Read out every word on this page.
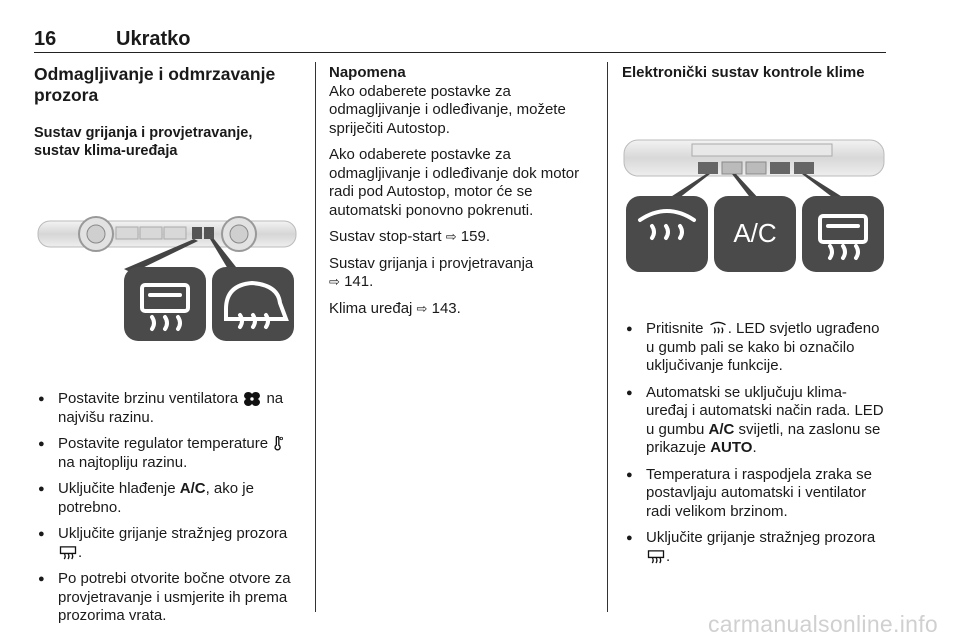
16	Ukratko
Odmagljivanje i odmrzavanje prozora
Sustav grijanja i provjetravanje, sustav klima-uređaja
● Postavite brzinu ventilatora  na najvišu razinu.
● Postavite regulator temperature  na najtopliju razinu.
● Uključite hlađenje A/C, ako je potrebno.
● Uključite grijanje stražnjeg prozora .
● Po potrebi otvorite bočne otvore za provjetravanje i usmjerite ih prema prozorima vrata.

Napomena

Ako odaberete postavke za odmagljivanje i odleđivanje, možete spriječiti Autostop.

Ako odaberete postavke za odmagljivanje i odleđivanje dok motor radi pod Autostop, motor će se automatski ponovno pokrenuti.

Sustav stop-start ⇨ 159.

Sustav grijanja i provjetravanja
⇨ 141.

Klima uređaj ⇨ 143.

Elektronički sustav kontrole klime
A/C
● Pritisnite . LED svjetlo ugrađeno u gumb pali se kako bi označilo uključivanje funkcije.
● Automatski se uključuju klima-uređaj i automatski način rada. LED u gumbu A/C svijetli, na zaslonu se prikazuje AUTO.
● Temperatura i raspodjela zraka se postavljaju automatski i ventilator radi velikom brzinom.
● Uključite grijanje stražnjeg prozora .
carmanualsonline.info
